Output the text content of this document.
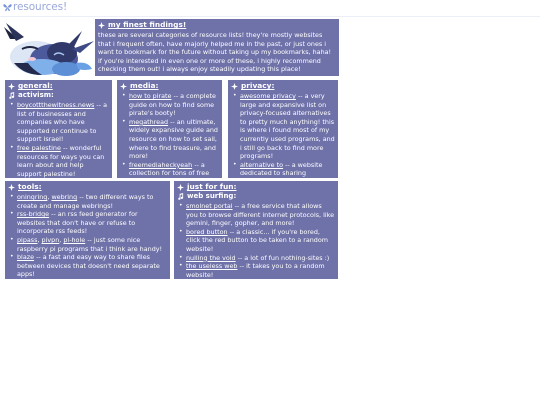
resources!
my finest findings!

these are several categories of resource lists! they're mostly websites that i frequent often, have majorly helped me in the past, or just ones i want to bookmark for the future without taking up my bookmarks, haha! if you're interested in even one or more of these, i highly recommend checking them out! i always enjoy steadily updating this place!

general:
activism:
• boycottthewitness.news -- a list of businesses and companies who have supported or continue to support israel!
• free palestine -- wonderful resources for ways you can learn about and help support palestine!
media:
• how to pirate -- a complete guide on how to find some pirate's booty!
• megathread -- an ultimate, widely expansive guide and resource on how to set sail, where to find treasure, and more!
• freemediaheckyeah -- a collection for tons of free
privacy:
• awesome privacy -- a very large and expansive list on privacy-focused alternatives to pretty much anything! this is where i found most of my currently used programs, and i still go back to find more programs!
• alternative to -- a website dedicated to sharing
tools:
• oningring, webring -- two different ways to create and manage webrings!
• rss-bridge -- an rss feed generator for websites that don't have or refuse to incorporate rss feeds!
• pipass, pivpn, pi-hole -- just some nice raspberry pi programs that i think are handy!
• blaze -- a fast and easy way to share files between devices that doesn't need separate apps!
just for fun:
web surfing:
• smolnet portal -- a free service that allows you to browse different internet protocols, like gemini, finger, gopher, and more!
• bored button -- a classic... if you're bored, click the red button to be taken to a random website!
• nulling the void -- a lot of fun nothing-sites :)
• the useless web -- it takes you to a random website!
